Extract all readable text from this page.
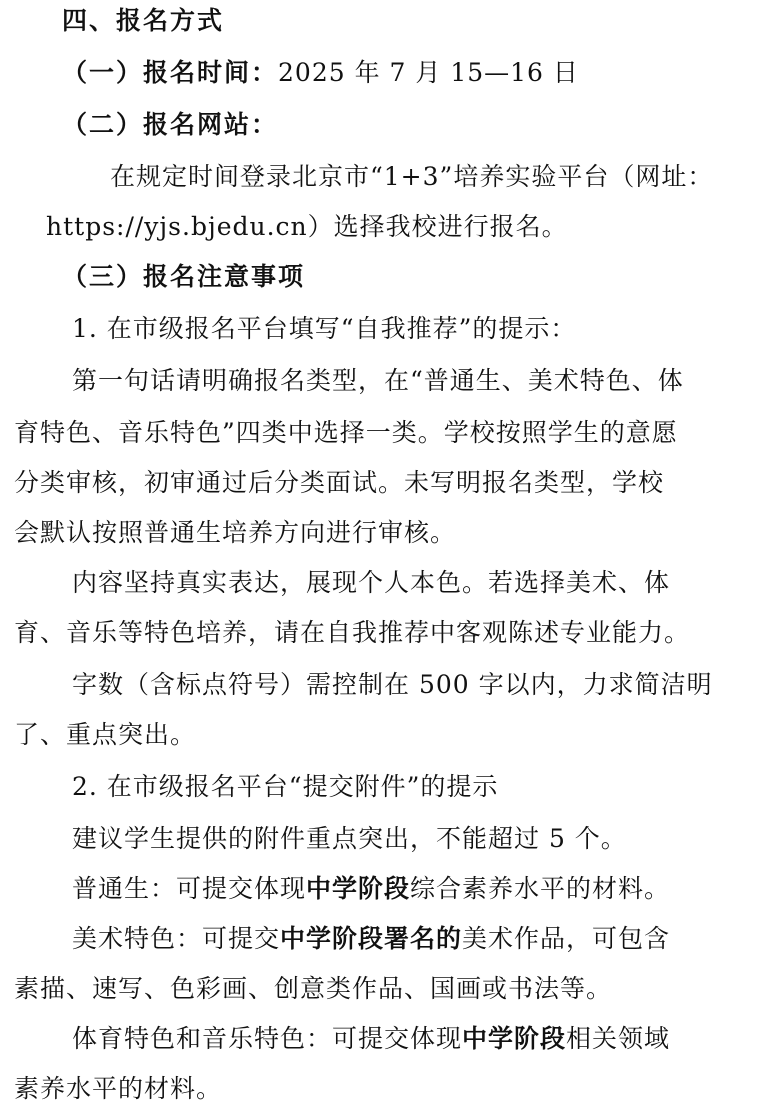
四、报名方式
（一）报名时间：2025 年 7 月 15—16 日
（二）报名网站：
在规定时间登录北京市“1+3”培养实验平台（网址：
https://yjs.bjedu.cn）选择我校进行报名。
（三）报名注意事项
1. 在市级报名平台填写“自我推荐”的提示：
第一句话请明确报名类型，在“普通生、美术特色、体
育特色、音乐特色”四类中选择一类。学校按照学生的意愿
分类审核，初审通过后分类面试。未写明报名类型，学校
会默认按照普通生培养方向进行审核。
内容坚持真实表达，展现个人本色。若选择美术、体
育、音乐等特色培养，请在自我推荐中客观陈述专业能力。
字数（含标点符号）需控制在 500 字以内，力求简洁明
了、重点突出。
2. 在市级报名平台“提交附件”的提示
建议学生提供的附件重点突出，不能超过 5 个。
普通生：可提交体现中学阶段综合素养水平的材料。
美术特色：可提交中学阶段署名的美术作品，可包含
素描、速写、色彩画、创意类作品、国画或书法等。
体育特色和音乐特色：可提交体现中学阶段相关领域
素养水平的材料。
